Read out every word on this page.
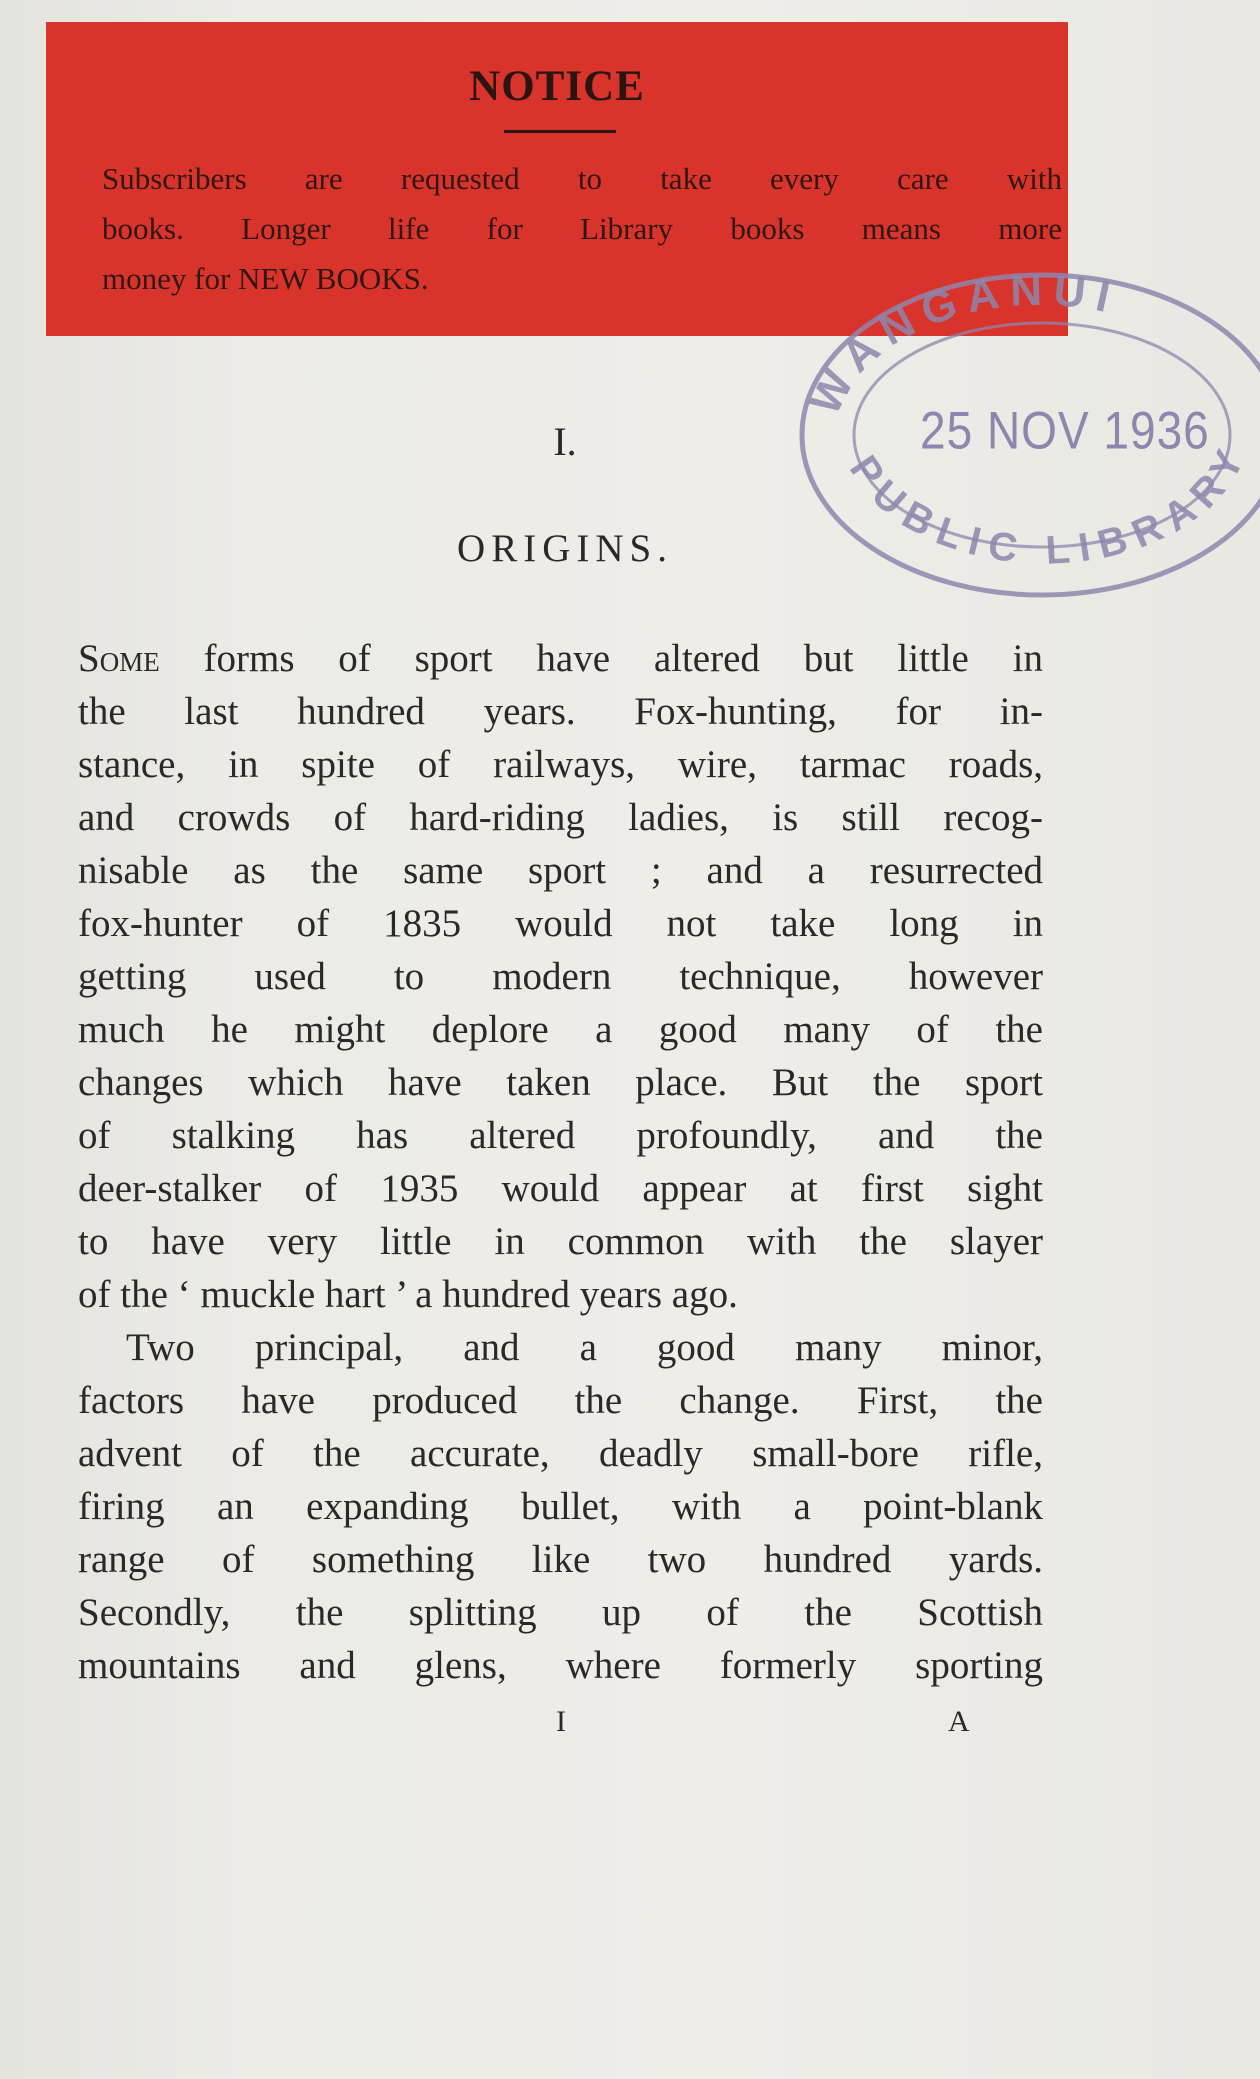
NOTICE
Subscribers are requested to take every care with
books. Longer life for Library books means more
money for NEW BOOKS.
WANGANUI
PUBLIC LIBRARY
25 NOV 1936
I.
ORIGINS.
Some forms of sport have altered but little in
the last hundred years. Fox-hunting, for in-
stance, in spite of railways, wire, tarmac roads,
and crowds of hard-riding ladies, is still recog-
nisable as the same sport ; and a resurrected
fox-hunter of 1835 would not take long in
getting used to modern technique, however
much he might deplore a good many of the
changes which have taken place. But the sport
of stalking has altered profoundly, and the
deer-stalker of 1935 would appear at first sight
to have very little in common with the slayer
of the ‘ muckle hart ’ a hundred years ago.
Two principal, and a good many minor,
factors have produced the change. First, the
advent of the accurate, deadly small-bore rifle,
firing an expanding bullet, with a point-blank
range of something like two hundred yards.
Secondly, the splitting up of the Scottish
mountains and glens, where formerly sporting
I	A
